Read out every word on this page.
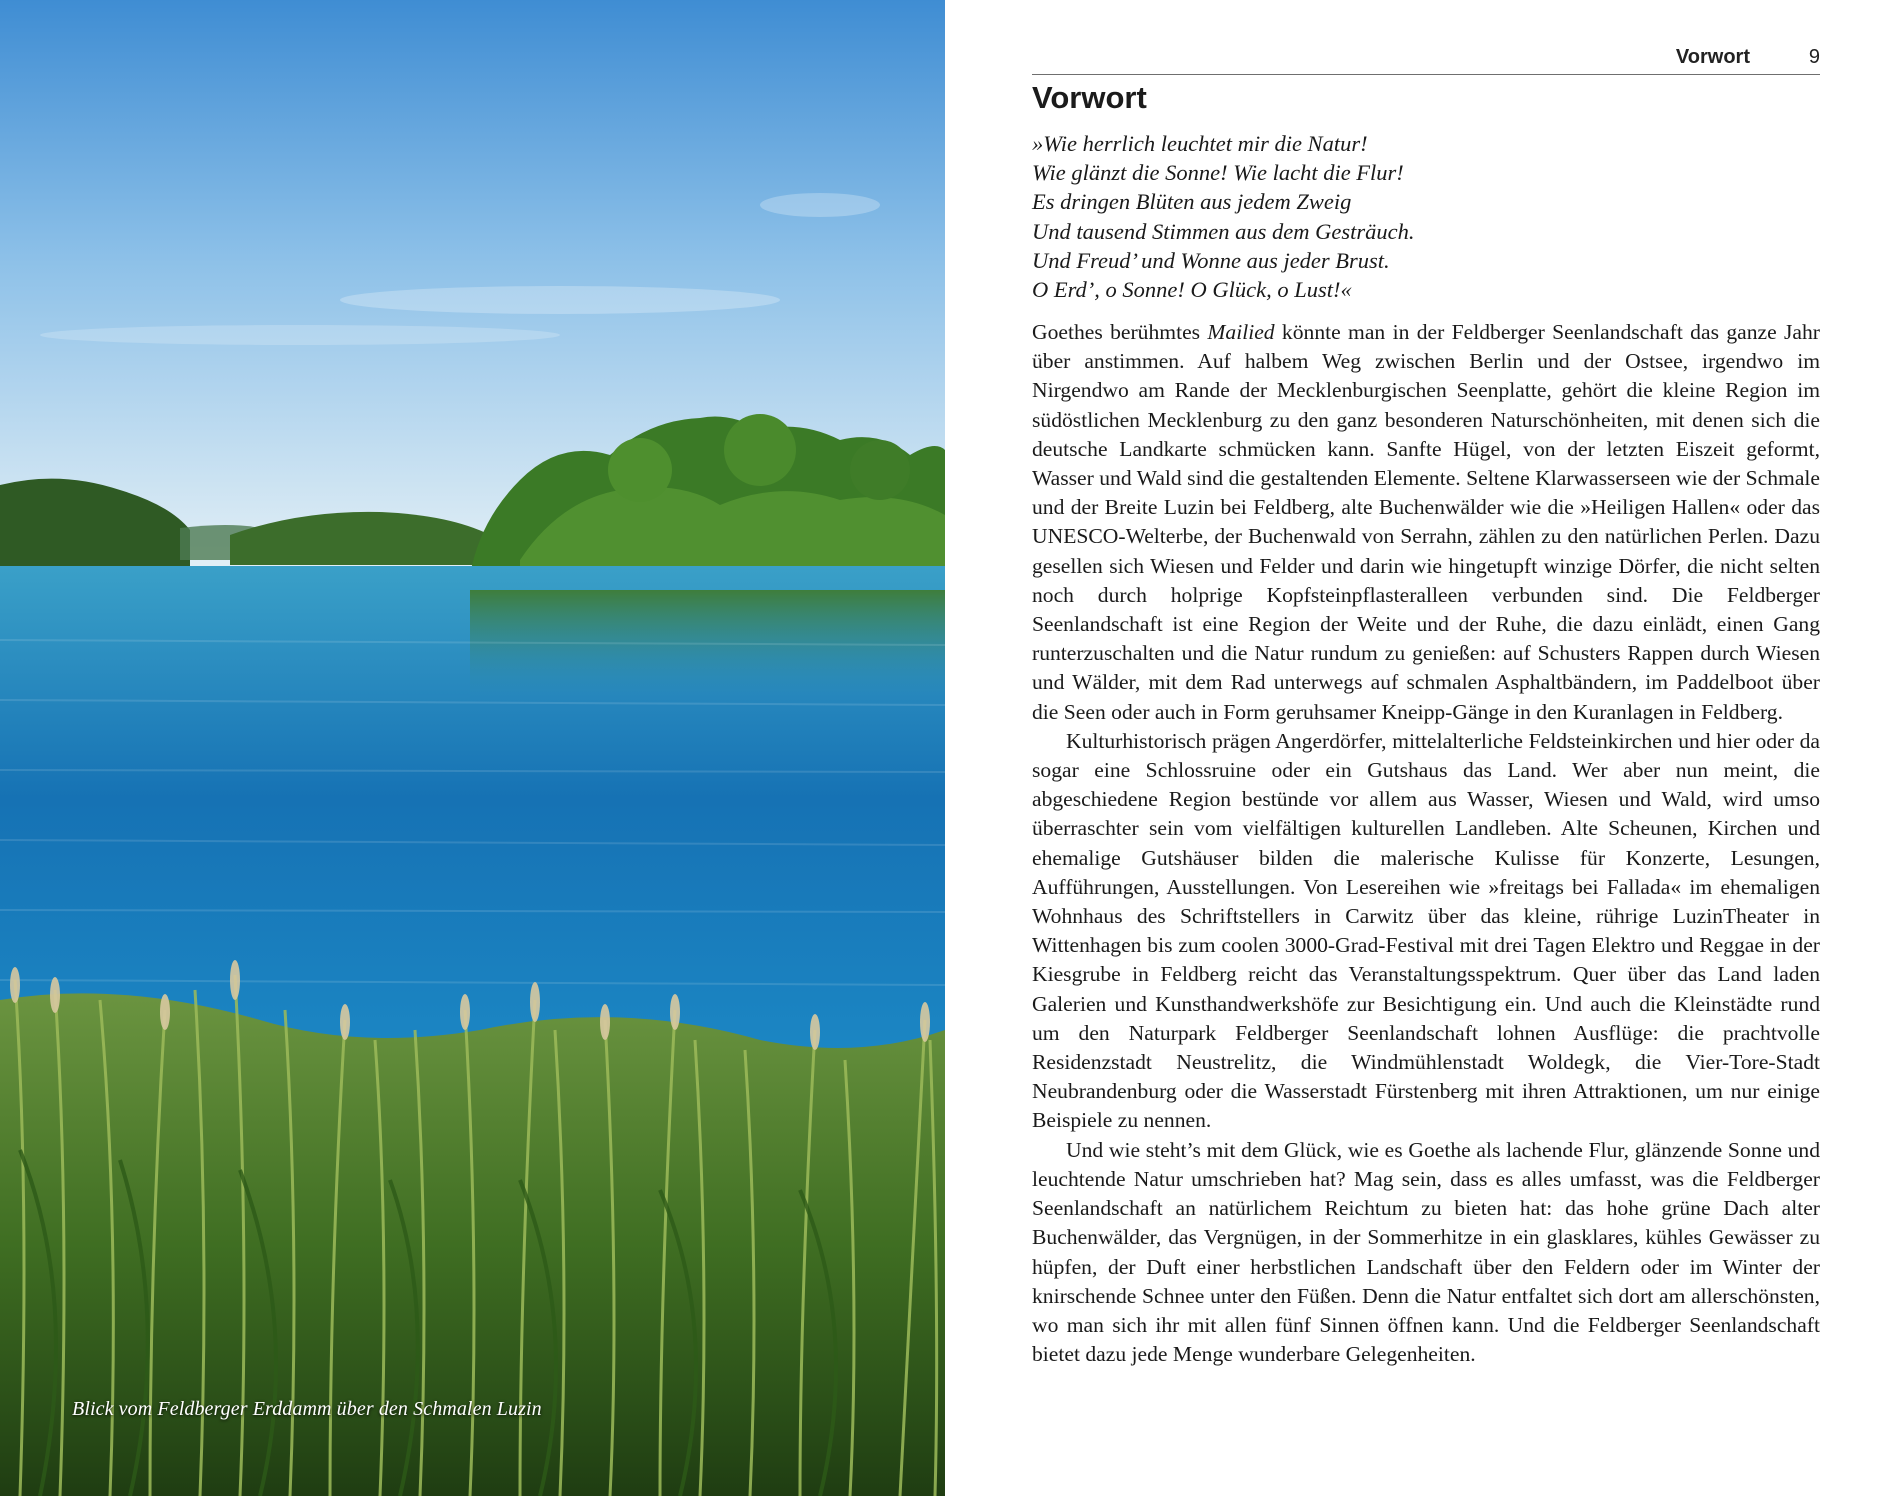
Blick vom Feldberger Erddamm über den Schmalen Luzin
Vorwort	9
Vorwort
»Wie herrlich leuchtet mir die Natur!
Wie glänzt die Sonne! Wie lacht die Flur!
Es dringen Blüten aus jedem Zweig
Und tausend Stimmen aus dem Gesträuch.
Und Freud’ und Wonne aus jeder Brust.
O Erd’, o Sonne! O Glück, o Lust!«

Goethes berühmtes Mailied könnte man in der Feldberger Seenlandschaft das ganze Jahr über anstimmen. Auf halbem Weg zwischen Berlin und der Ostsee, irgendwo im Nirgendwo am Rande der Mecklenburgischen Seenplatte, gehört die kleine Region im südöstlichen Mecklenburg zu den ganz besonderen Naturschönheiten, mit denen sich die deutsche Landkarte schmücken kann. Sanfte Hügel, von der letzten Eiszeit geformt, Wasser und Wald sind die gestaltenden Elemente. Seltene Klarwasserseen wie der Schmale und der Breite Luzin bei Feldberg, alte Buchenwälder wie die »Heiligen Hallen« oder das UNESCO-Welterbe, der Buchenwald von Serrahn, zählen zu den natürlichen Perlen. Dazu gesellen sich Wiesen und Felder und darin wie hingetupft winzige Dörfer, die nicht selten noch durch holprige Kopfsteinpflasteralleen verbunden sind. Die Feldberger Seenlandschaft ist eine Region der Weite und der Ruhe, die dazu einlädt, einen Gang runterzuschalten und die Natur rundum zu genießen: auf Schusters Rappen durch Wiesen und Wälder, mit dem Rad unterwegs auf schmalen Asphaltbändern, im Paddelboot über die Seen oder auch in Form geruhsamer Kneipp-Gänge in den Kuranlagen in Feldberg.

Kulturhistorisch prägen Angerdörfer, mittelalterliche Feldsteinkirchen und hier oder da sogar eine Schlossruine oder ein Gutshaus das Land. Wer aber nun meint, die abgeschiedene Region bestünde vor allem aus Wasser, Wiesen und Wald, wird umso überraschter sein vom vielfältigen kulturellen Landleben. Alte Scheunen, Kirchen und ehemalige Gutshäuser bilden die malerische Kulisse für Konzerte, Lesungen, Aufführungen, Ausstellungen. Von Lesereihen wie »freitags bei Fallada« im ehemaligen Wohnhaus des Schriftstellers in Carwitz über das kleine, rührige LuzinTheater in Wittenhagen bis zum coolen 3000-Grad-Festival mit drei Tagen Elektro und Reggae in der Kiesgrube in Feldberg reicht das Veranstaltungsspektrum. Quer über das Land laden Galerien und Kunsthandwerkshöfe zur Besichtigung ein. Und auch die Kleinstädte rund um den Naturpark Feldberger Seenlandschaft lohnen Ausflüge: die prachtvolle Residenzstadt Neustrelitz, die Windmühlenstadt Woldegk, die Vier-Tore-Stadt Neubrandenburg oder die Wasserstadt Fürstenberg mit ihren Attraktionen, um nur einige Beispiele zu nennen.

Und wie steht’s mit dem Glück, wie es Goethe als lachende Flur, glänzende Sonne und leuchtende Natur umschrieben hat? Mag sein, dass es alles umfasst, was die Feldberger Seenlandschaft an natürlichem Reichtum zu bieten hat: das hohe grüne Dach alter Buchenwälder, das Vergnügen, in der Sommerhitze in ein glasklares, kühles Gewässer zu hüpfen, der Duft einer herbstlichen Landschaft über den Feldern oder im Winter der knirschende Schnee unter den Füßen. Denn die Natur entfaltet sich dort am allerschönsten, wo man sich ihr mit allen fünf Sinnen öffnen kann. Und die Feldberger Seenlandschaft bietet dazu jede Menge wunderbare Gelegenheiten.
